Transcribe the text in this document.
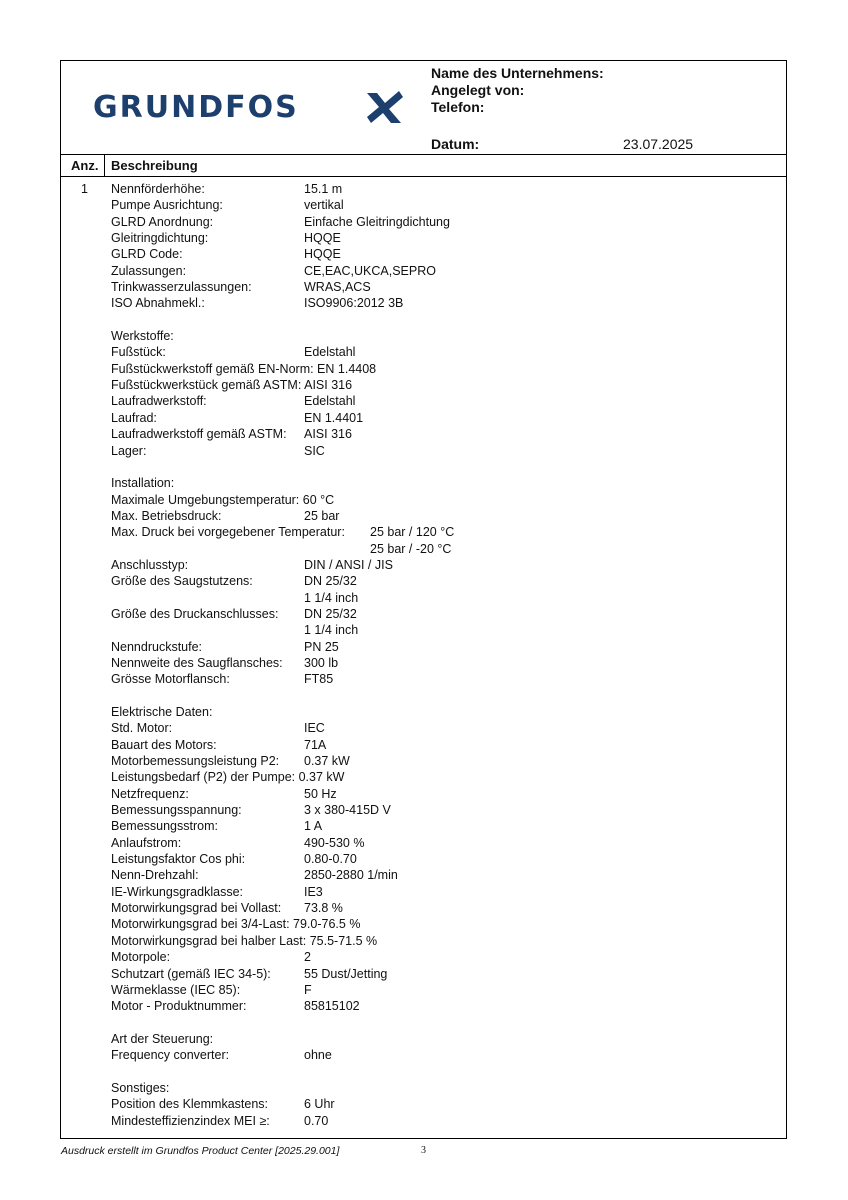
GRUNDFOS
Name des Unternehmens:
Angelegt von:
Telefon:
Datum:	23.07.2025
Anz. Beschreibung
1 Nennförderhöhe:	15.1 m
Pumpe Ausrichtung:	vertikal
GLRD Anordnung:	Einfache Gleitringdichtung
Gleitringdichtung:	HQQE
GLRD Code:	HQQE
Zulassungen:	CE,EAC,UKCA,SEPRO
Trinkwasserzulassungen:	WRAS,ACS
ISO Abnahmekl.:	ISO9906:2012 3B
Werkstoffe:
Fußstück:	Edelstahl
Fußstückwerkstoff gemäß EN-Norm: EN 1.4408
Fußstückwerkstück gemäß ASTM: AISI 316
Laufradwerkstoff:	Edelstahl
Laufrad:	EN 1.4401
Laufradwerkstoff gemäß ASTM: AISI 316
Lager:	SIC
Installation:
Maximale Umgebungstemperatur: 60 °C
Max. Betriebsdruck:	25 bar
Max. Druck bei vorgegebener Temperatur: 25 bar / 120 °C
25 bar / -20 °C
Anschlusstyp:	DIN / ANSI / JIS
Größe des Saugstutzens:	DN 25/32
1 1/4 inch
Größe des Druckanschlusses: DN 25/32
1 1/4 inch
Nenndruckstufe:	PN 25
Nennweite des Saugflansches: 300 lb
Grösse Motorflansch:	FT85
Elektrische Daten:
Std. Motor:	IEC
Bauart des Motors:	71A
Motorbemessungsleistung P2: 0.37 kW
Leistungsbedarf (P2) der Pumpe: 0.37 kW
Netzfrequenz:	50 Hz
Bemessungsspannung:	3 x 380-415D V
Bemessungsstrom:	1 A
Anlaufstrom:	490-530 %
Leistungsfaktor Cos phi:	0.80-0.70
Nenn-Drehzahl:	2850-2880 1/min
IE-Wirkungsgradklasse:	IE3
Motorwirkungsgrad bei Vollast: 73.8 %
Motorwirkungsgrad bei 3/4-Last: 79.0-76.5 %
Motorwirkungsgrad bei halber Last: 75.5-71.5 %
Motorpole:	2
Schutzart (gemäß IEC 34-5):	55 Dust/Jetting
Wärmeklasse (IEC 85):	F
Motor - Produktnummer:	85815102
Art der Steuerung:
Frequency converter:	ohne
Sonstiges:
Position des Klemmkastens:	6 Uhr
Mindesteffizienzindex MEI ≥:	0.70
Ausdruck erstellt im Grundfos Product Center [2025.29.001]	3
